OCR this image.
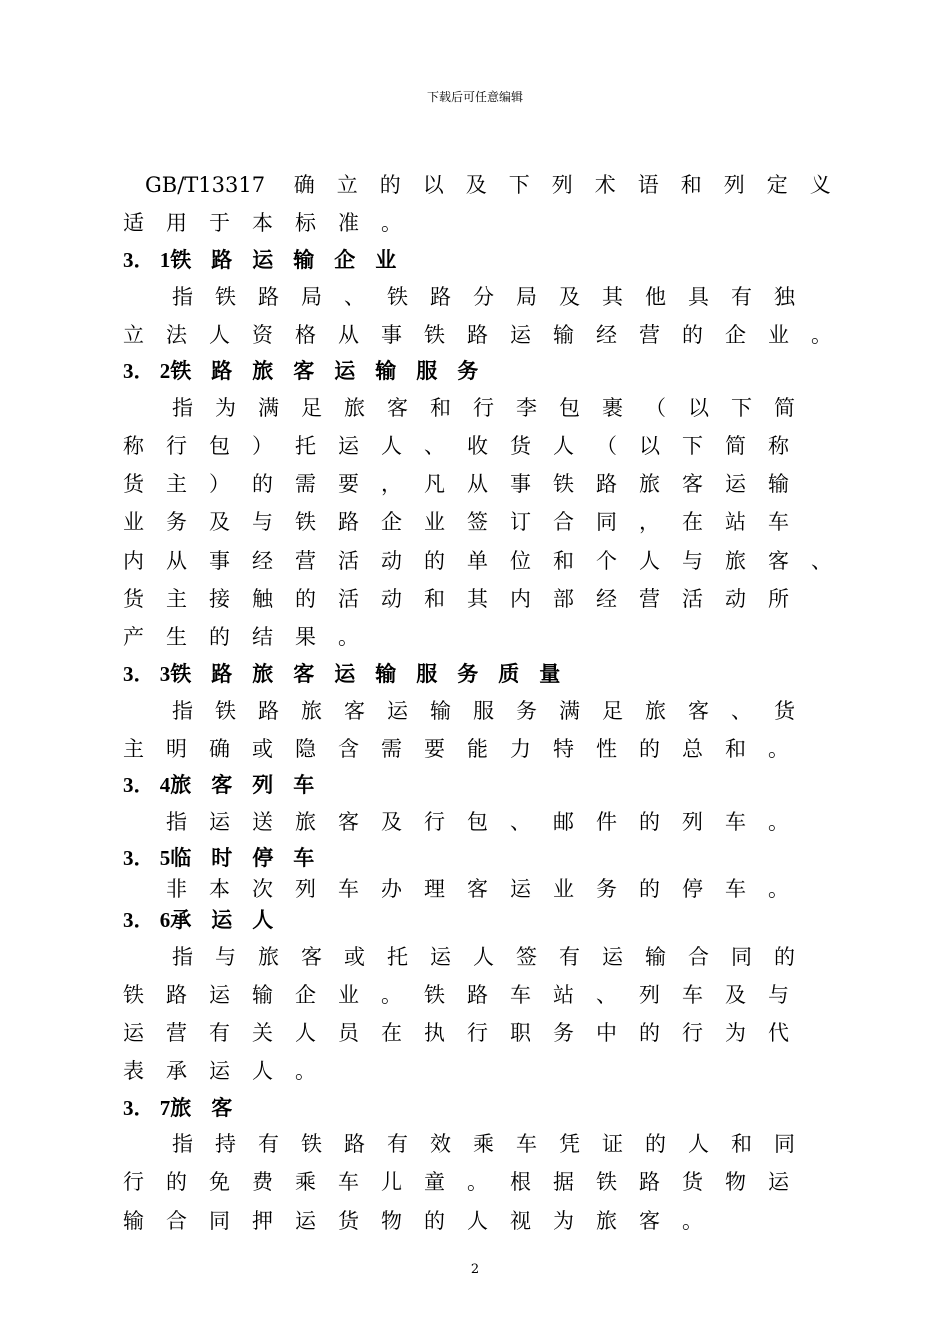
下载后可任意编辑
GB/T13317 确立的以及下列术语和列定义
适用于本标准。
3． 1铁路运输企业
指铁路局、铁路分局及其他具有独
立法人资格从事铁路运输经营的企业。
3． 2铁路旅客运输服务
指为满足旅客和行李包裹（以下简
称行包）托运人、收货人（以下简称
货主）的需要，凡从事铁路旅客运输
业务及与铁路企业签订合同，在站车
内从事经营活动的单位和个人与旅客、
货主接触的活动和其内部经营活动所
产生的结果。
3． 3铁路旅客运输服务质量
指铁路旅客运输服务满足旅客、货
主明确或隐含需要能力特性的总和。
3． 4旅客列车
指运送旅客及行包、邮件的列车。
3． 5临时停车
非本次列车办理客运业务的停车。
3． 6承运人
指与旅客或托运人签有运输合同的
铁路运输企业。铁路车站、列车及与
运营有关人员在执行职务中的行为代
表承运人。
3． 7旅客
指持有铁路有效乘车凭证的人和同
行的免费乘车儿童。根据铁路货物运
输合同押运货物的人视为旅客。
2
